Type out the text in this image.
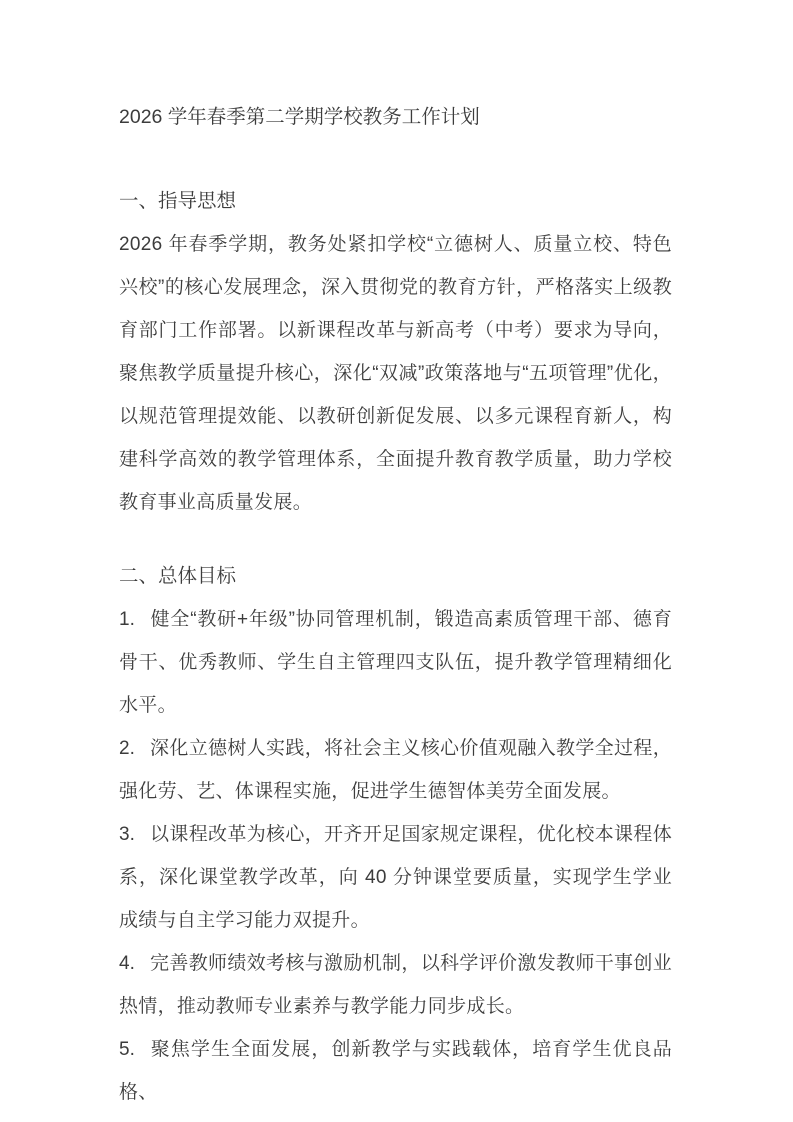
2026 学年春季第二学期学校教务工作计划
一、指导思想

2026 年春季学期，教务处紧扣学校“立德树人、质量立校、特色兴校”的核心发展理念，深入贯彻党的教育方针，严格落实上级教育部门工作部署。以新课程改革与新高考（中考）要求为导向，聚焦教学质量提升核心，深化“双减”政策落地与“五项管理”优化，以规范管理提效能、以教研创新促发展、以多元课程育新人，构建科学高效的教学管理体系，全面提升教育教学质量，助力学校教育事业高质量发展。

二、总体目标

1. 健全“教研+年级”协同管理机制，锻造高素质管理干部、德育骨干、优秀教师、学生自主管理四支队伍，提升教学管理精细化水平。

2. 深化立德树人实践，将社会主义核心价值观融入教学全过程，强化劳、艺、体课程实施，促进学生德智体美劳全面发展。

3. 以课程改革为核心，开齐开足国家规定课程，优化校本课程体系，深化课堂教学改革，向 40 分钟课堂要质量，实现学生学业成绩与自主学习能力双提升。

4. 完善教师绩效考核与激励机制，以科学评价激发教师干事创业热情，推动教师专业素养与教学能力同步成长。

5. 聚焦学生全面发展，创新教学与实践载体，培育学生优良品格、
